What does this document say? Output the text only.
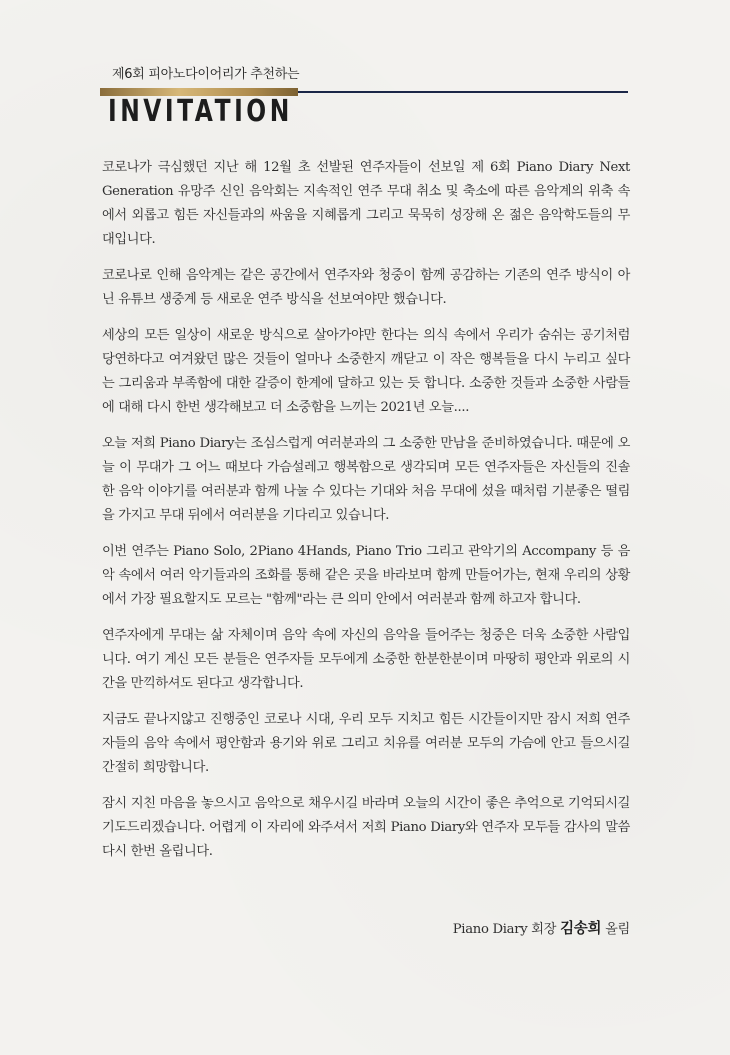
제6회 피아노다이어리가 추천하는
INVITATION

코로나가 극심했던 지난 해 12월 초 선발된 연주자들이 선보일 제 6회 Piano Diary Next Generation 유망주 신인 음악회는 지속적인 연주 무대 취소 및 축소에 따른 음악계의 위축 속에서 외롭고 힘든 자신들과의 싸움을 지혜롭게 그리고 묵묵히 성장해 온 젊은 음악학도들의 무대입니다.

코로나로 인해 음악계는 같은 공간에서 연주자와 청중이 함께 공감하는 기존의 연주 방식이 아닌 유튜브 생중계 등 새로운 연주 방식을 선보여야만 했습니다.

세상의 모든 일상이 새로운 방식으로 살아가야만 한다는 의식 속에서 우리가 숨쉬는 공기처럼 당연하다고 여겨왔던 많은 것들이 얼마나 소중한지 깨닫고 이 작은 행복들을 다시 누리고 싶다는 그리움과 부족함에 대한 갈증이 한계에 달하고 있는 듯 합니다. 소중한 것들과 소중한 사람들에 대해 다시 한번 생각해보고 더 소중함을 느끼는 2021년 오늘....

오늘 저희 Piano Diary는 조심스럽게 여러분과의 그 소중한 만남을 준비하였습니다. 때문에 오늘 이 무대가 그 어느 때보다 가슴설레고 행복함으로 생각되며 모든 연주자들은 자신들의 진솔한 음악 이야기를 여러분과 함께 나눌 수 있다는 기대와 처음 무대에 섰을 때처럼 기분좋은 떨림을 가지고 무대 뒤에서 여러분을 기다리고 있습니다.

이번 연주는 Piano Solo, 2Piano 4Hands, Piano Trio 그리고 관악기의 Accompany 등 음악 속에서 여러 악기들과의 조화를 통해 같은 곳을 바라보며 함께 만들어가는, 현재 우리의 상황에서 가장 필요할지도 모르는 "함께"라는 큰 의미 안에서 여러분과 함께 하고자 합니다.

연주자에게 무대는 삶 자체이며 음악 속에 자신의 음악을 들어주는 청중은 더욱 소중한 사람입니다. 여기 계신 모든 분들은 연주자들 모두에게 소중한 한분한분이며 마땅히 평안과 위로의 시간을 만끽하셔도 된다고 생각합니다.

지금도 끝나지않고 진행중인 코로나 시대, 우리 모두 지치고 힘든 시간들이지만 잠시 저희 연주자들의 음악 속에서 평안함과 용기와 위로 그리고 치유를 여러분 모두의 가슴에 안고 들으시길 간절히 희망합니다.

잠시 지친 마음을 놓으시고 음악으로 채우시길 바라며 오늘의 시간이 좋은 추억으로 기억되시길 기도드리겠습니다. 어렵게 이 자리에 와주셔서 저희 Piano Diary와 연주자 모두들 감사의 말씀 다시 한번 올립니다.

Piano Diary 회장 김송희 올림
